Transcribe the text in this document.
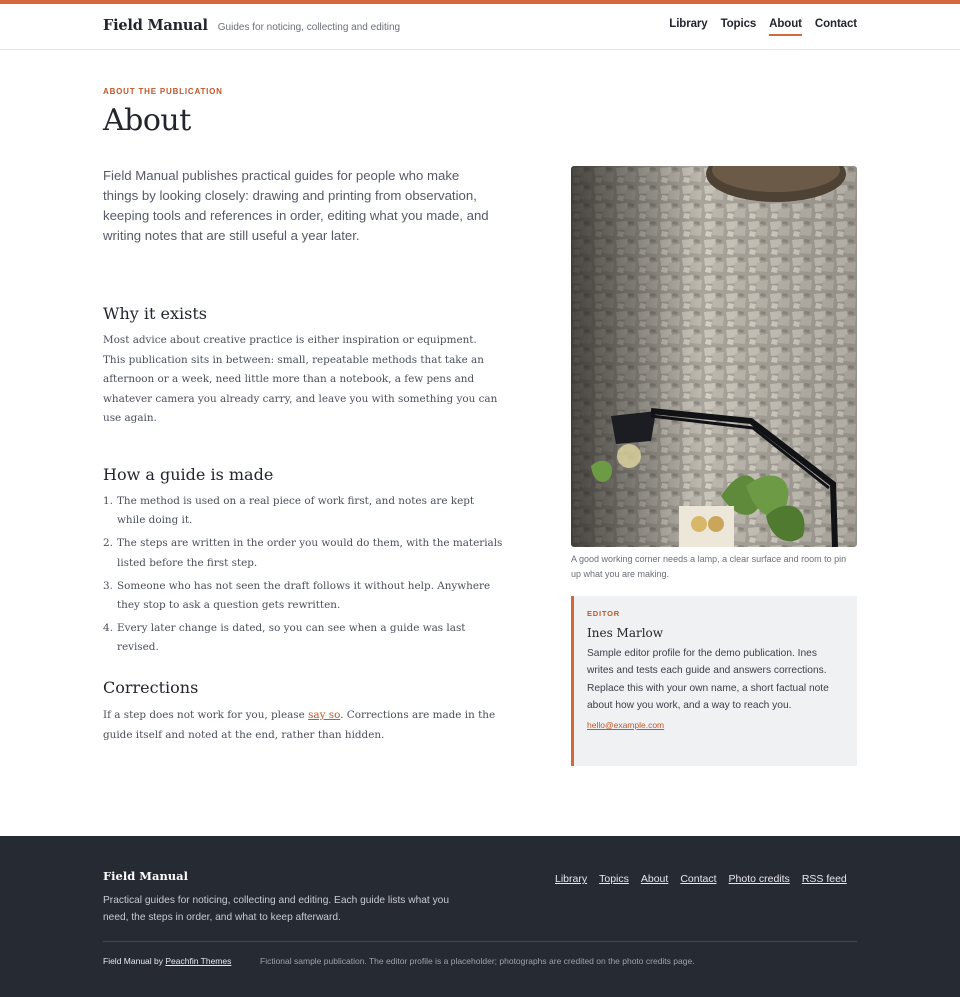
Field Manual Guides for noticing, collecting and editing	Library Topics About Contact
ABOUT THE PUBLICATION
About

Field Manual publishes practical guides for people who make things by looking closely: drawing and printing from observation, keeping tools and references in order, editing what you made, and writing notes that are still useful a year later.

Why it exists

Most advice about creative practice is either inspiration or equipment. This publication sits in between: small, repeatable methods that take an afternoon or a week, need little more than a notebook, a few pens and whatever camera you already carry, and leave you with something you can use again.

How a guide is made
1. The method is used on a real piece of work first, and notes are kept while doing it.
2. The steps are written in the order you would do them, with the materials listed before the first step.
3. Someone who has not seen the draft follows it without help. Anywhere they stop to ask a question gets rewritten.
4. Every later change is dated, so you can see when a guide was last revised.
Corrections

If a step does not work for you, please say so. Corrections are made in the guide itself and noted at the end, rather than hidden.

A good working corner needs a lamp, a clear surface and room to pin up what you are making.

EDITOR
Ines Marlow

Sample editor profile for the demo publication. Ines writes and tests each guide and answers corrections. Replace this with your own name, a short factual note about how you work, and a way to reach you.

hello@example.com
Field Manual

Practical guides for noticing, collecting and editing. Each guide lists what you need, the steps in order, and what to keep afterward.

Library Topics About Contact Photo credits RSS feed
Field Manual by Peachfin Themes	Fictional sample publication. The editor profile is a placeholder; photographs are credited on the photo credits page.
